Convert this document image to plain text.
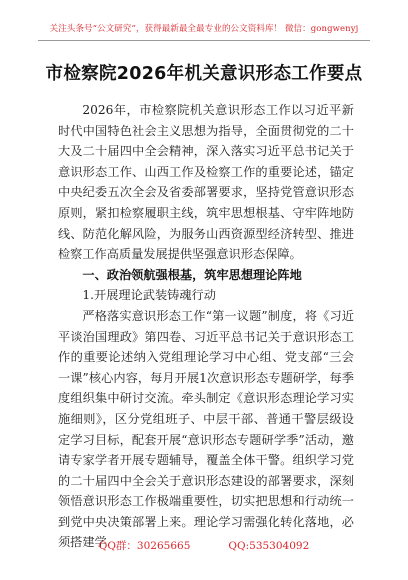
关注头条号“公文研究”，获得最新最全最专业的公文资料库！ 微信：gongwenyj
市检察院2026年机关意识形态工作要点

2026年，市检察院机关意识形态工作以习近平新时代中国特色社会主义思想为指导，全面贯彻党的二十大及二十届四中全会精神，深入落实习近平总书记关于意识形态工作、山西工作及检察工作的重要论述，锚定中央纪委五次全会及省委部署要求，坚持党管意识形态原则，紧扣检察履职主线，筑牢思想根基、守牢阵地防线、防范化解风险，为服务山西资源型经济转型、推进检察工作高质量发展提供坚强意识形态保障。

一、政治领航强根基，筑牢思想理论阵地

1.开展理论武装铸魂行动

严格落实意识形态工作“第一议题”制度，将《习近平谈治国理政》第四卷、习近平总书记关于意识形态工作的重要论述纳入党组理论学习中心组、党支部“三会一课”核心内容，每月开展1次意识形态专题研学，每季度组织集中研讨交流。牵头制定《意识形态理论学习实施细则》，区分党组班子、中层干部、普通干警层级设定学习目标，配套开展“意识形态专题研学季”活动，邀请专家学者开展专题辅导，覆盖全体干警。组织学习党的二十届四中全会关于意识形态建设的部署要求，深刻领悟意识形态工作极端重要性，切实把思想和行动统一到党中央决策部署上来。理论学习需强化转化落地，必须搭建学

QQ群：30265665	QQ:535304092
